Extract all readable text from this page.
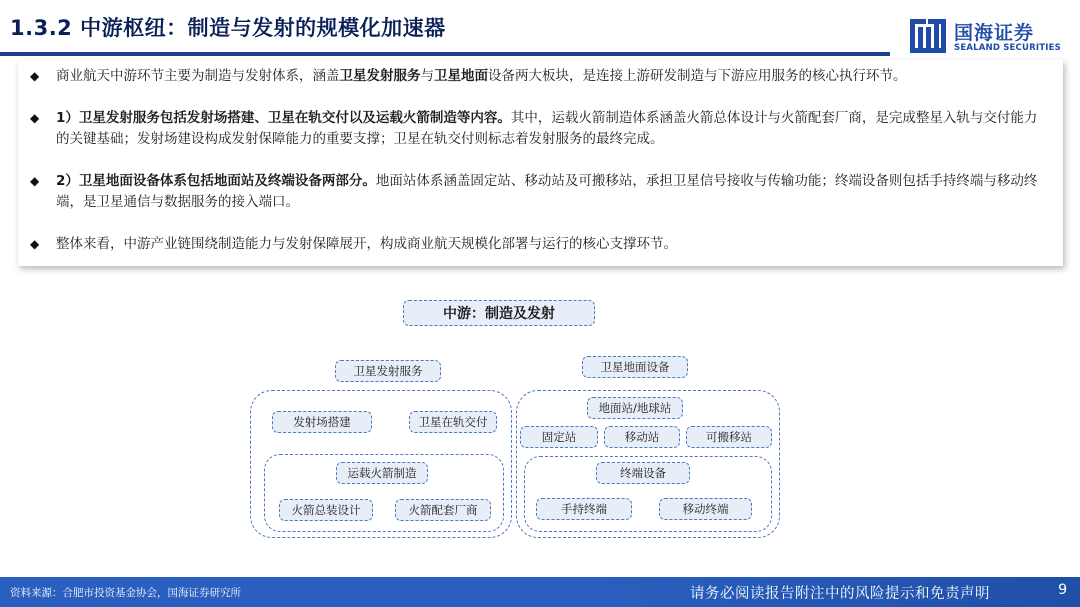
1.3.2 中游枢纽：制造与发射的规模化加速器	国海证券
SEALAND SECURITIES
◆	商业航天中游环节主要为制造与发射体系，涵盖卫星发射服务与卫星地面设备两大板块，是连接上游研发制造与下游应用服务的核心执行环节。
◆	1）卫星发射服务包括发射场搭建、卫星在轨交付以及运载火箭制造等内容。其中，运载火箭制造体系涵盖火箭总体设计与火箭配套厂商，是完成整星入轨与交付能力的关键基础；发射场建设构成发射保障能力的重要支撑；卫星在轨交付则标志着发射服务的最终完成。
◆	2）卫星地面设备体系包括地面站及终端设备两部分。地面站体系涵盖固定站、移动站及可搬移站，承担卫星信号接收与传输功能；终端设备则包括手持终端与移动终端，是卫星通信与数据服务的接入端口。
◆	整体来看，中游产业链围绕制造能力与发射保障展开，构成商业航天规模化部署与运行的核心支撑环节。
中游：制造及发射
卫星发射服务	卫星地面设备
发射场搭建	卫星在轨交付
运载火箭制造
火箭总装设计	火箭配套厂商
地面站/地球站
固定站	移动站	可搬移站
终端设备
手持终端	移动终端
资料来源：合肥市投资基金协会，国海证券研究所	请务必阅读报告附注中的风险提示和免责声明	9
